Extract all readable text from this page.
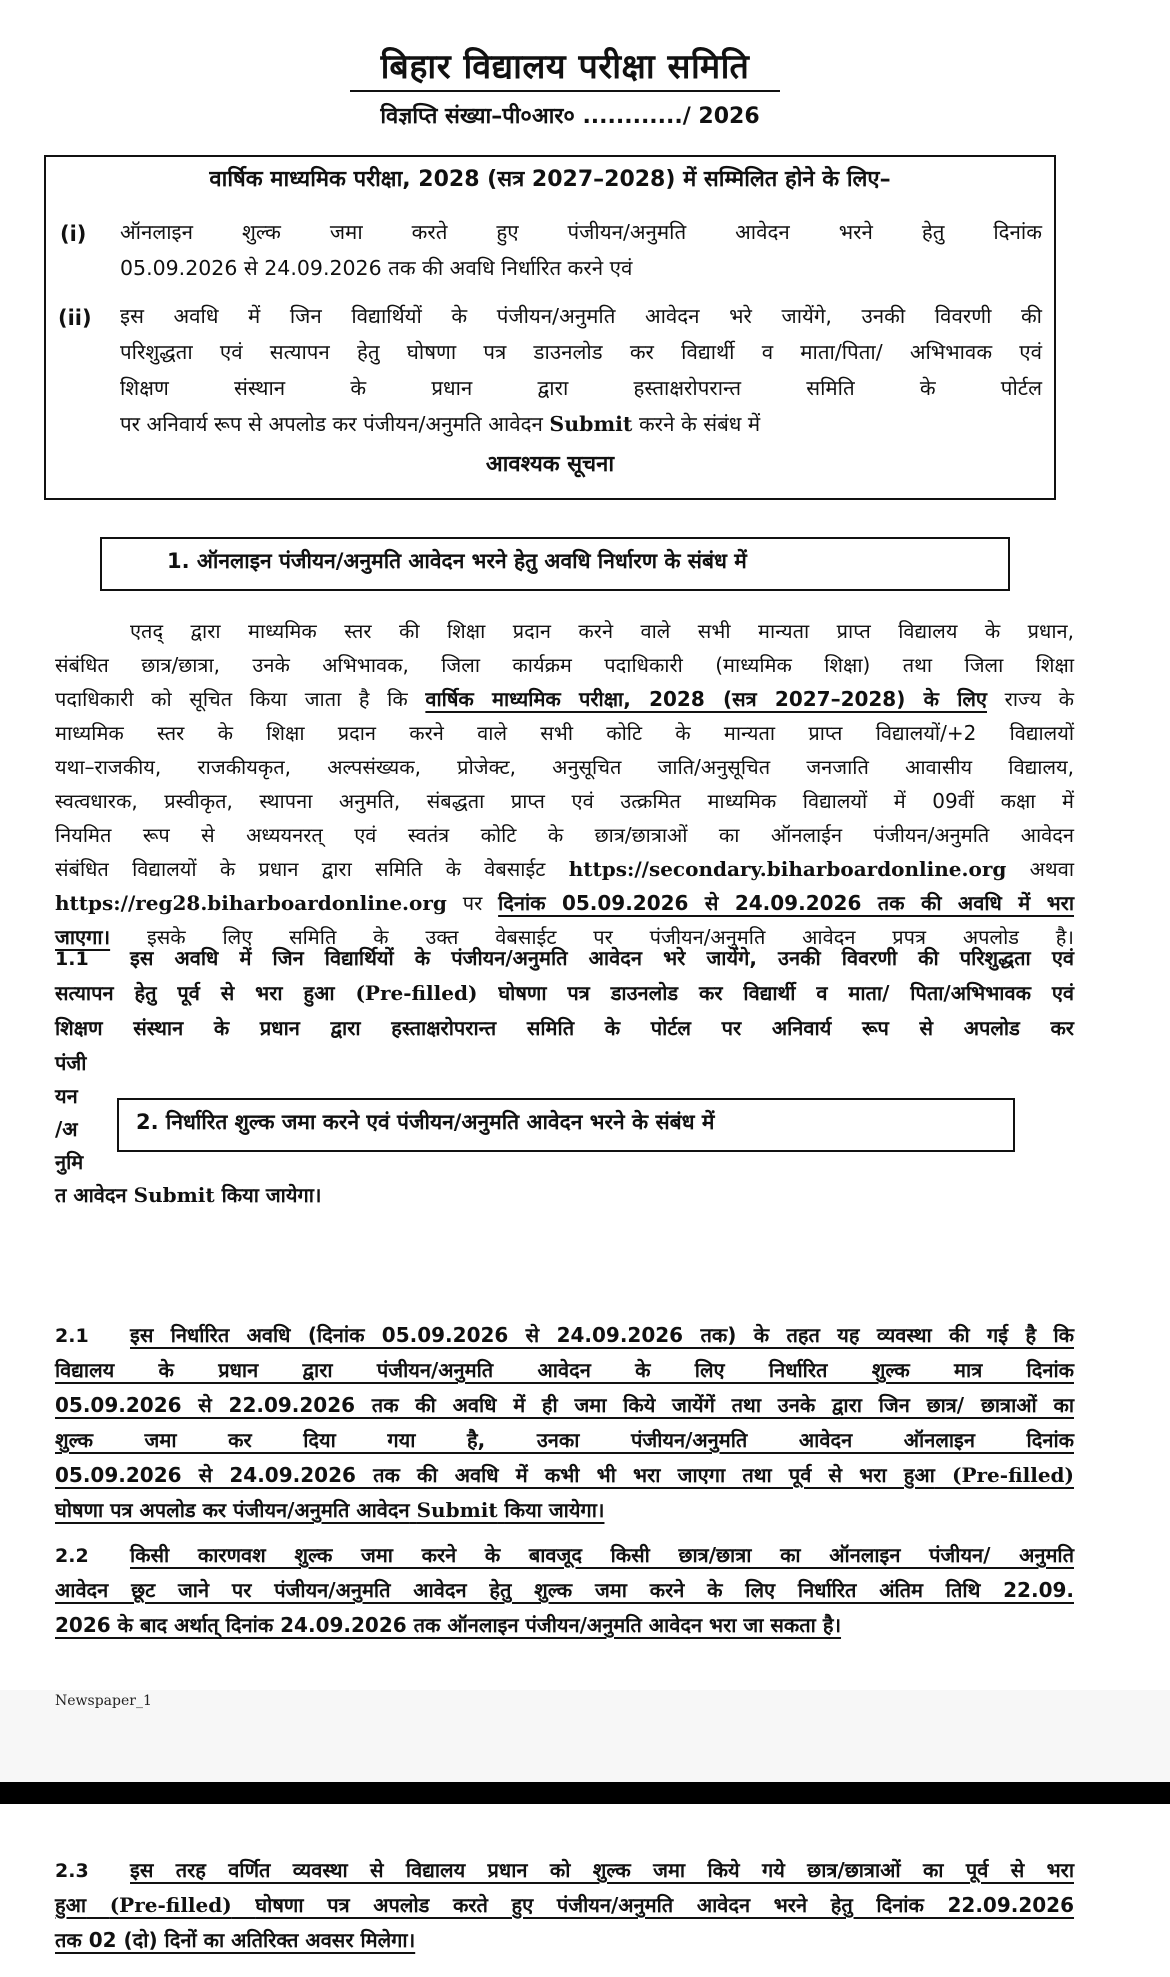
बिहार विद्यालय परीक्षा समिति
विज्ञप्ति संख्या–पी०आर० ............/ 2026
वार्षिक माध्यमिक परीक्षा, 2028 (सत्र 2027–2028) में सम्मिलित होने के लिए–
(i) ऑनलाइन शुल्क जमा करते हुए पंजीयन/अनुमति आवेदन भरने हेतु दिनांक
05.09.2026 से 24.09.2026 तक की अवधि निर्धारित करने एवं
(ii) इस अवधि में जिन विद्यार्थियों के पंजीयन/अनुमति आवेदन भरे जायेंगे, उनकी विवरणी की
परिशुद्धता एवं सत्यापन हेतु घोषणा पत्र डाउनलोड कर विद्यार्थी व माता/पिता/ अभिभावक एवं
शिक्षण संस्थान के प्रधान द्वारा हस्ताक्षरोपरान्त समिति के पोर्टल
पर अनिवार्य रूप से अपलोड कर पंजीयन/अनुमति आवेदन Submit करने के संबंध में
आवश्यक सूचना
1. ऑनलाइन पंजीयन/अनुमति आवेदन भरने हेतु अवधि निर्धारण के संबंध में
एतद् द्वारा माध्यमिक स्तर की शिक्षा प्रदान करने वाले सभी मान्यता प्राप्त विद्यालय के प्रधान,
संबंधित छात्र/छात्रा, उनके अभिभावक, जिला कार्यक्रम पदाधिकारी (माध्यमिक शिक्षा) तथा जिला शिक्षा
पदाधिकारी को सूचित किया जाता है कि वार्षिक माध्यमिक परीक्षा, 2028 (सत्र 2027–2028) के लिए राज्य के
माध्यमिक स्तर के शिक्षा प्रदान करने वाले सभी कोटि के मान्यता प्राप्त विद्यालयों/+2 विद्यालयों
यथा–राजकीय, राजकीयकृत, अल्पसंख्यक, प्रोजेक्ट, अनुसूचित जाति/अनुसूचित जनजाति आवासीय विद्यालय,
स्वत्वधारक, प्रस्वीकृत, स्थापना अनुमति, संबद्धता प्राप्त एवं उत्क्रमित माध्यमिक विद्यालयों में 09वीं कक्षा में
नियमित रूप से अध्ययनरत् एवं स्वतंत्र कोटि के छात्र/छात्राओं का ऑनलाईन पंजीयन/अनुमति आवेदन
संबंधित विद्यालयों के प्रधान द्वारा समिति के वेबसाईट https://secondary.biharboardonline.org अथवा
https://reg28.biharboardonline.org पर दिनांक 05.09.2026 से 24.09.2026 तक की अवधि में भरा
जाएगा। इसके लिए समिति के उक्त वेबसाईट पर पंजीयन/अनुमति आवेदन प्रपत्र अपलोड है।
1.1 इस अवधि में जिन विद्यार्थियों के पंजीयन/अनुमति आवेदन भरे जायेंगे, उनकी विवरणी की परिशुद्धता एवं
सत्यापन हेतु पूर्व से भरा हुआ (Pre-filled) घोषणा पत्र डाउनलोड कर विद्यार्थी व माता/ पिता/अभिभावक एवं
शिक्षण संस्थान के प्रधान द्वारा हस्ताक्षरोपरान्त समिति के पोर्टल पर अनिवार्य रूप से अपलोड कर
पंजी
यन
/अ
नुमि
त आवेदन Submit किया जायेगा।
2. निर्धारित शुल्क जमा करने एवं पंजीयन/अनुमति आवेदन भरने के संबंध में
2.1 इस निर्धारित अवधि (दिनांक 05.09.2026 से 24.09.2026 तक) के तहत यह व्यवस्था की गई है कि
विद्यालय के प्रधान द्वारा पंजीयन/अनुमति आवेदन के लिए निर्धारित शुल्क मात्र दिनांक
05.09.2026 से 22.09.2026 तक की अवधि में ही जमा किये जायेंगें तथा उनके द्वारा जिन छात्र/ छात्राओं का
शुल्क जमा कर दिया गया है, उनका पंजीयन/अनुमति आवेदन ऑनलाइन दिनांक
05.09.2026 से 24.09.2026 तक की अवधि में कभी भी भरा जाएगा तथा पूर्व से भरा हुआ (Pre-filled)
घोषणा पत्र अपलोड कर पंजीयन/अनुमति आवेदन Submit किया जायेगा।
2.2 किसी कारणवश शुल्क जमा करने के बावजूद किसी छात्र/छात्रा का ऑनलाइन पंजीयन/ अनुमति
आवेदन छूट जाने पर पंजीयन/अनुमति आवेदन हेतु शुल्क जमा करने के लिए निर्धारित अंतिम तिथि 22.09.
2026 के बाद अर्थात् दिनांक 24.09.2026 तक ऑनलाइन पंजीयन/अनुमति आवेदन भरा जा सकता है।
Newspaper_1
2.3 इस तरह वर्णित व्यवस्था से विद्यालय प्रधान को शुल्क जमा किये गये छात्र/छात्राओं का पूर्व से भरा
हुआ (Pre-filled) घोषणा पत्र अपलोड करते हुए पंजीयन/अनुमति आवेदन भरने हेतु दिनांक 22.09.2026
तक 02 (दो) दिनों का अतिरिक्त अवसर मिलेगा।
